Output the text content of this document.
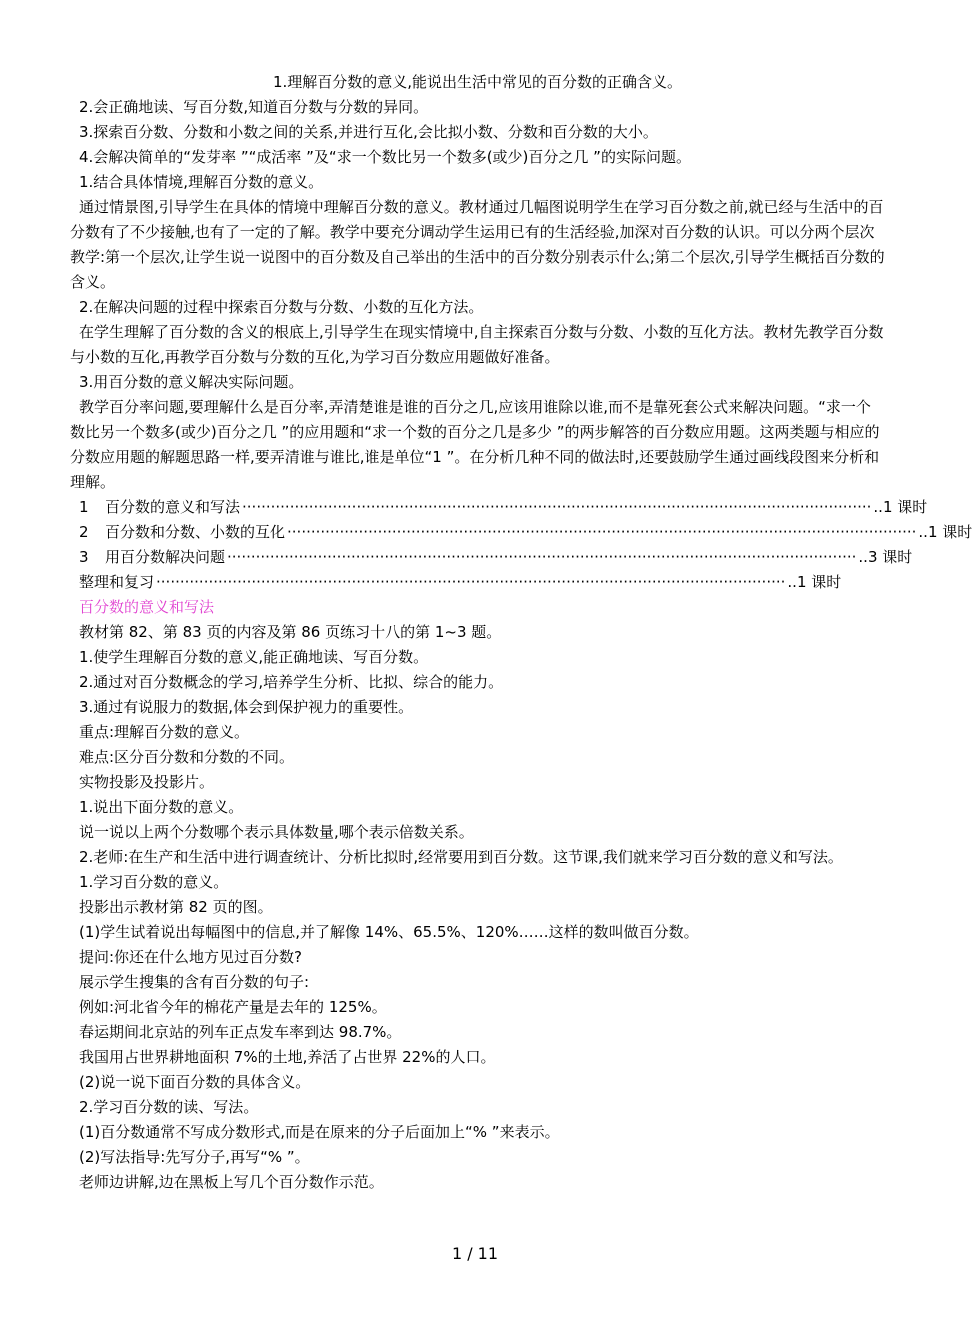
1.理解百分数的意义,能说出生活中常见的百分数的正确含义。

2.会正确地读、写百分数,知道百分数与分数的异同。

3.探索百分数、分数和小数之间的关系,并进行互化,会比拟小数、分数和百分数的大小。

4.会解决简单的“发芽率 ”“成活率 ”及“求一个数比另一个数多(或少)百分之几 ”的实际问题。

1.结合具体情境,理解百分数的意义。

通过情景图,引导学生在具体的情境中理解百分数的意义。教材通过几幅图说明学生在学习百分数之前,就已经与生活中的百分数有了不少接触,也有了一定的了解。教学中要充分调动学生运用已有的生活经验,加深对百分数的认识。可以分两个层次教学:第一个层次,让学生说一说图中的百分数及自己举出的生活中的百分数分别表示什么;第二个层次,引导学生概括百分数的含义。

2.在解决问题的过程中探索百分数与分数、小数的互化方法。

在学生理解了百分数的含义的根底上,引导学生在现实情境中,自主探索百分数与分数、小数的互化方法。教材先教学百分数与小数的互化,再教学百分数与分数的互化,为学习百分数应用题做好准备。

3.用百分数的意义解决实际问题。

教学百分率问题,要理解什么是百分率,弄清楚谁是谁的百分之几,应该用谁除以谁,而不是靠死套公式来解决问题。“求一个数比另一个数多(或少)百分之几 ”的应用题和“求一个数的百分之几是多少 ”的两步解答的百分数应用题。这两类题与相应的分数应用题的解题思路一样,要弄清谁与谁比,谁是单位“1 ”。在分析几种不同的做法时,还要鼓励学生通过画线段图来分析和理解。

1	百分数的意义和写法 ···································································································································· ..1 课时
2	百分数和分数、小数的互化 ···································································································································· ..1 课时
3	用百分数解决问题 ···································································································································· ..3 课时
整理和复习 ···································································································································· ..1 课时

百分数的意义和写法

教材第 82、第 83 页的内容及第 86 页练习十八的第 1~3 题。

1.使学生理解百分数的意义,能正确地读、写百分数。

2.通过对百分数概念的学习,培养学生分析、比拟、综合的能力。

3.通过有说服力的数据,体会到保护视力的重要性。

重点:理解百分数的意义。

难点:区分百分数和分数的不同。

实物投影及投影片。

1.说出下面分数的意义。

说一说以上两个分数哪个表示具体数量,哪个表示倍数关系。

2.老师:在生产和生活中进行调查统计、分析比拟时,经常要用到百分数。这节课,我们就来学习百分数的意义和写法。

1.学习百分数的意义。

投影出示教材第 82 页的图。

(1)学生试着说出每幅图中的信息,并了解像 14%、65.5%、120%……这样的数叫做百分数。

提问:你还在什么地方见过百分数?

展示学生搜集的含有百分数的句子:

例如:河北省今年的棉花产量是去年的 125%。

春运期间北京站的列车正点发车率到达 98.7%。

我国用占世界耕地面积 7%的土地,养活了占世界 22%的人口。

(2)说一说下面百分数的具体含义。

2.学习百分数的读、写法。

(1)百分数通常不写成分数形式,而是在原来的分子后面加上“% ”来表示。

(2)写法指导:先写分子,再写“% ”。

老师边讲解,边在黑板上写几个百分数作示范。

1 / 11
